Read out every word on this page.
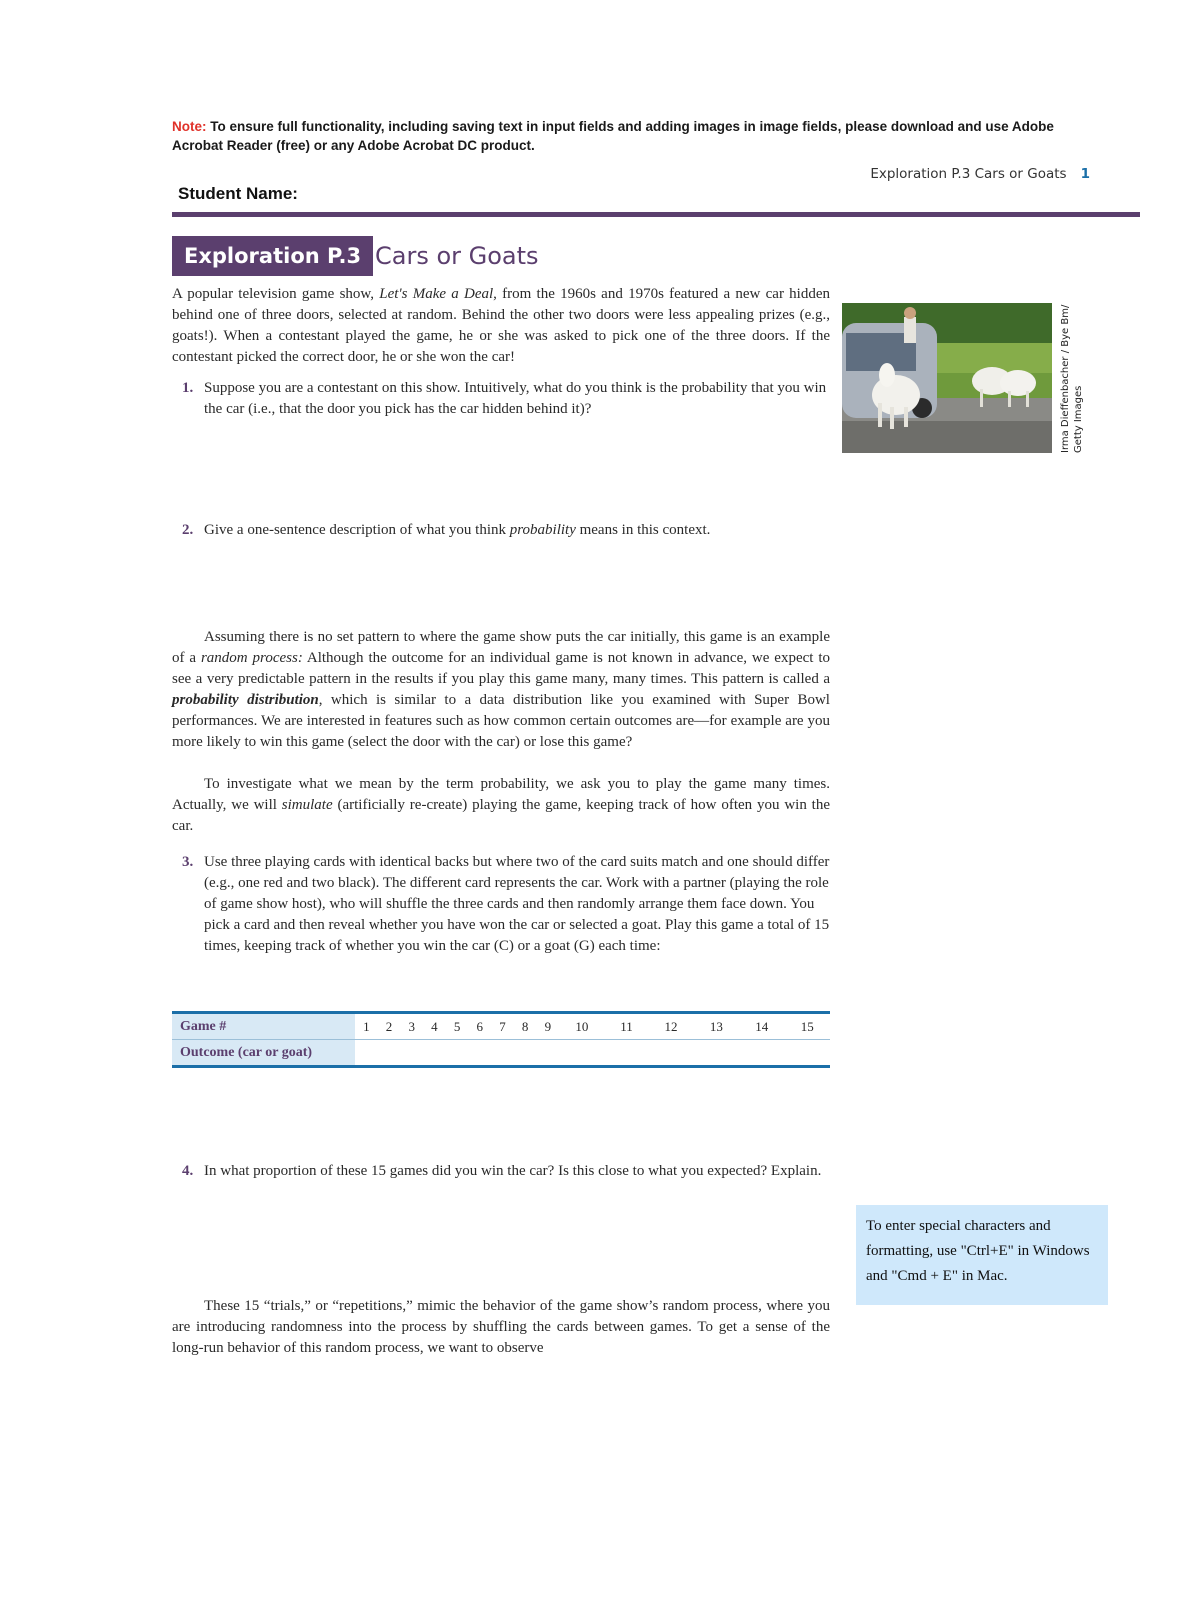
Note: To ensure full functionality, including saving text in input fields and adding images in image fields, please download and use Adobe Acrobat Reader (free) or any Adobe Acrobat DC product.
Exploration P.3 Cars or Goats 1
Student Name:
Exploration P.3 Cars or Goats
A popular television game show, Let's Make a Deal, from the 1960s and 1970s featured a new car hidden behind one of three doors, selected at random. Behind the other two doors were less appealing prizes (e.g., goats!). When a contestant played the game, he or she was asked to pick one of the three doors. If the contestant picked the correct door, he or she won the car!	Irma Dieffenbacher / Bye Bm/ Getty Images
1. Suppose you are a contestant on this show. Intuitively, what do you think is the probability that you win the car (i.e., that the door you pick has the car hidden behind it)?
2. Give a one-sentence description of what you think probability means in this context.
Assuming there is no set pattern to where the game show puts the car initially, this game is an example of a random process: Although the outcome for an individual game is not known in advance, we expect to see a very predictable pattern in the results if you play this game many, many times. This pattern is called a probability distribution, which is similar to a data distribution like you examined with Super Bowl performances. We are interested in features such as how common certain outcomes are—for example are you more likely to win this game (select the door with the car) or lose this game?
To investigate what we mean by the term probability, we ask you to play the game many times. Actually, we will simulate (artificially re-create) playing the game, keeping track of how often you win the car.
3. Use three playing cards with identical backs but where two of the card suits match and one should differ (e.g., one red and two black). The different card represents the car. Work with a partner (playing the role of game show host), who will shuffle the three cards and then randomly arrange them face down. You pick a card and then reveal whether you have won the car or selected a goat. Play this game a total of 15 times, keeping track of whether you win the car (C) or a goat (G) each time:
Game #	1	2	3	4	5	6	7	8	9	10	11	12	13	14	15
Outcome (car or goat)															
4. In what proportion of these 15 games did you win the car? Is this close to what you expected? Explain.
To enter special characters and formatting, use "Ctrl+E" in Windows and "Cmd + E" in Mac.
These 15 “trials,” or “repetitions,” mimic the behavior of the game show’s random process, where you are introducing randomness into the process by shuffling the cards between games. To get a sense of the long-run behavior of this random process, we want to observe
